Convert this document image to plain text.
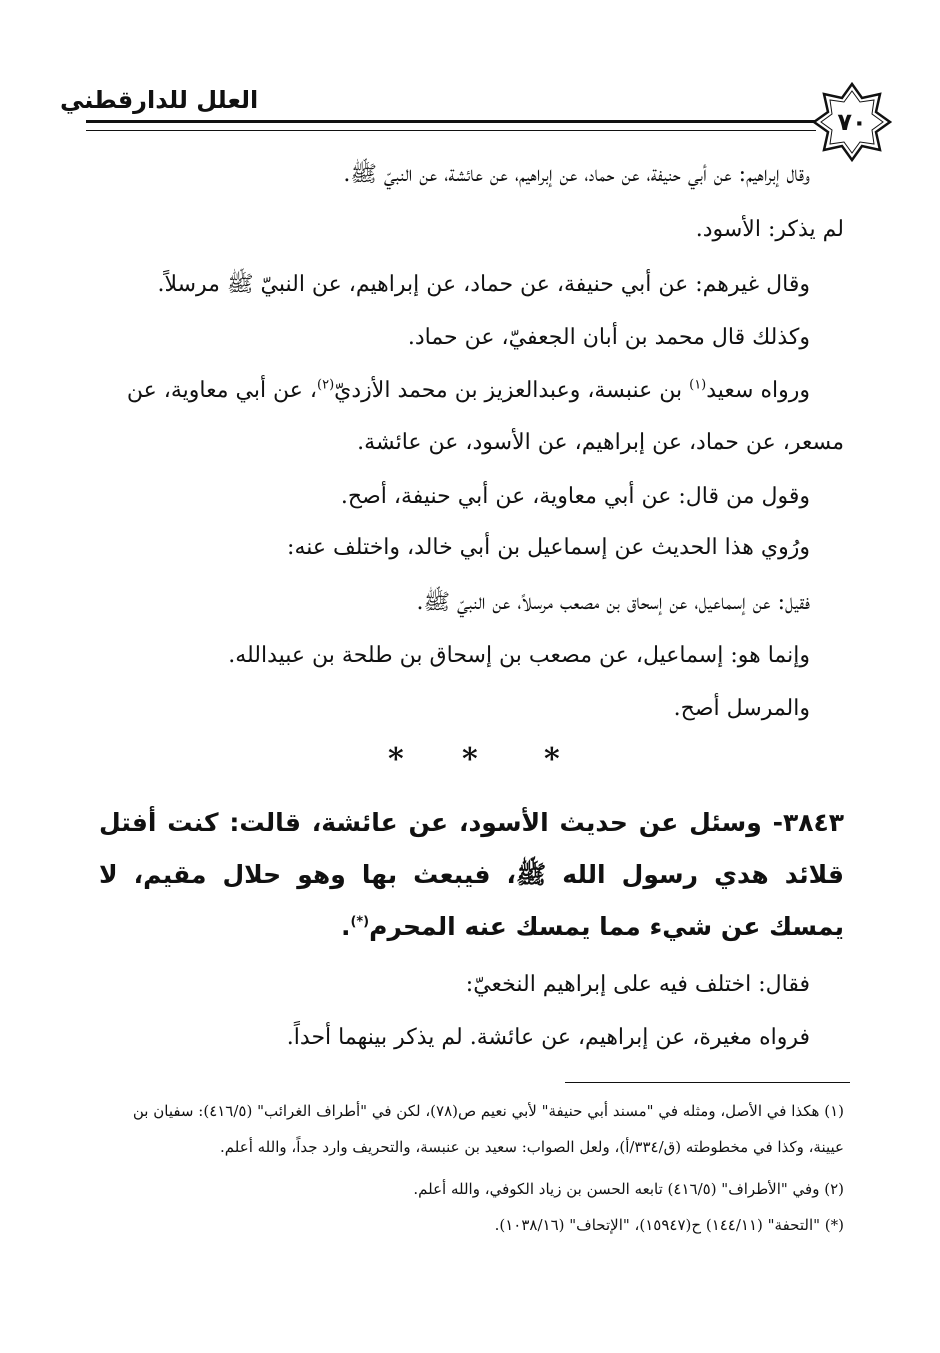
٧٠
العلل للدارقطني
وقال إبراهيم: عن أبي حنيفة، عن حماد، عن إبراهيم، عن عائشة، عن النبيّ ﷺ.
لم يذكر: الأسود.
وقال غيرهم: عن أبي حنيفة، عن حماد، عن إبراهيم، عن النبيّ ﷺ مرسلاً.
وكذلك قال محمد بن أبان الجعفيّ، عن حماد.
ورواه سعيد$^{(١)}$ بن عنبسة، وعبدالعزيز بن محمد الأزديّ$^{(٢)}$، عن أبي معاوية، عن
مسعر، عن حماد، عن إبراهيم، عن الأسود، عن عائشة.
وقول من قال: عن أبي معاوية، عن أبي حنيفة، أصح.
ورُوي هذا الحديث عن إسماعيل بن أبي خالد، واختلف عنه:
فقيل: عن إسماعيل، عن إسحاق بن مصعب مرسلاً، عن النبيّ ﷺ.
وإنما هو: إسماعيل، عن مصعب بن إسحاق بن طلحة بن عبيدالله.
والمرسل أصح.
*
*
*
٣٨٤٣- وسئل عن حديث الأسود، عن عائشة، قالت: كنت أفتل قلائد هدي رسول الله ﷺ، فيبعث بها وهو حلال مقيم، لا يمسك عن شيء مما يمسك عنه المحرم(*).
فقال: اختلف فيه على إبراهيم النخعيّ:
فرواه مغيرة، عن إبراهيم، عن عائشة. لم يذكر بينهما أحداً.
(١) هكذا في الأصل، ومثله في "مسند أبي حنيفة" لأبي نعيم ص(٧٨)، لكن في "أطراف الغرائب" (٤١٦/٥): سفيان بن
عيينة، وكذا في مخطوطته (ق/٣٣٤/أ)، ولعل الصواب: سعيد بن عنبسة، والتحريف وارد جداً، والله أعلم.
(٢) وفي "الأطراف" (٤١٦/٥) تابعه الحسن بن زياد الكوفي، والله أعلم.
(*) "التحفة" (١٤٤/١١) ح(١٥٩٤٧)، "الإتحاف" (١٠٣٨/١٦).
